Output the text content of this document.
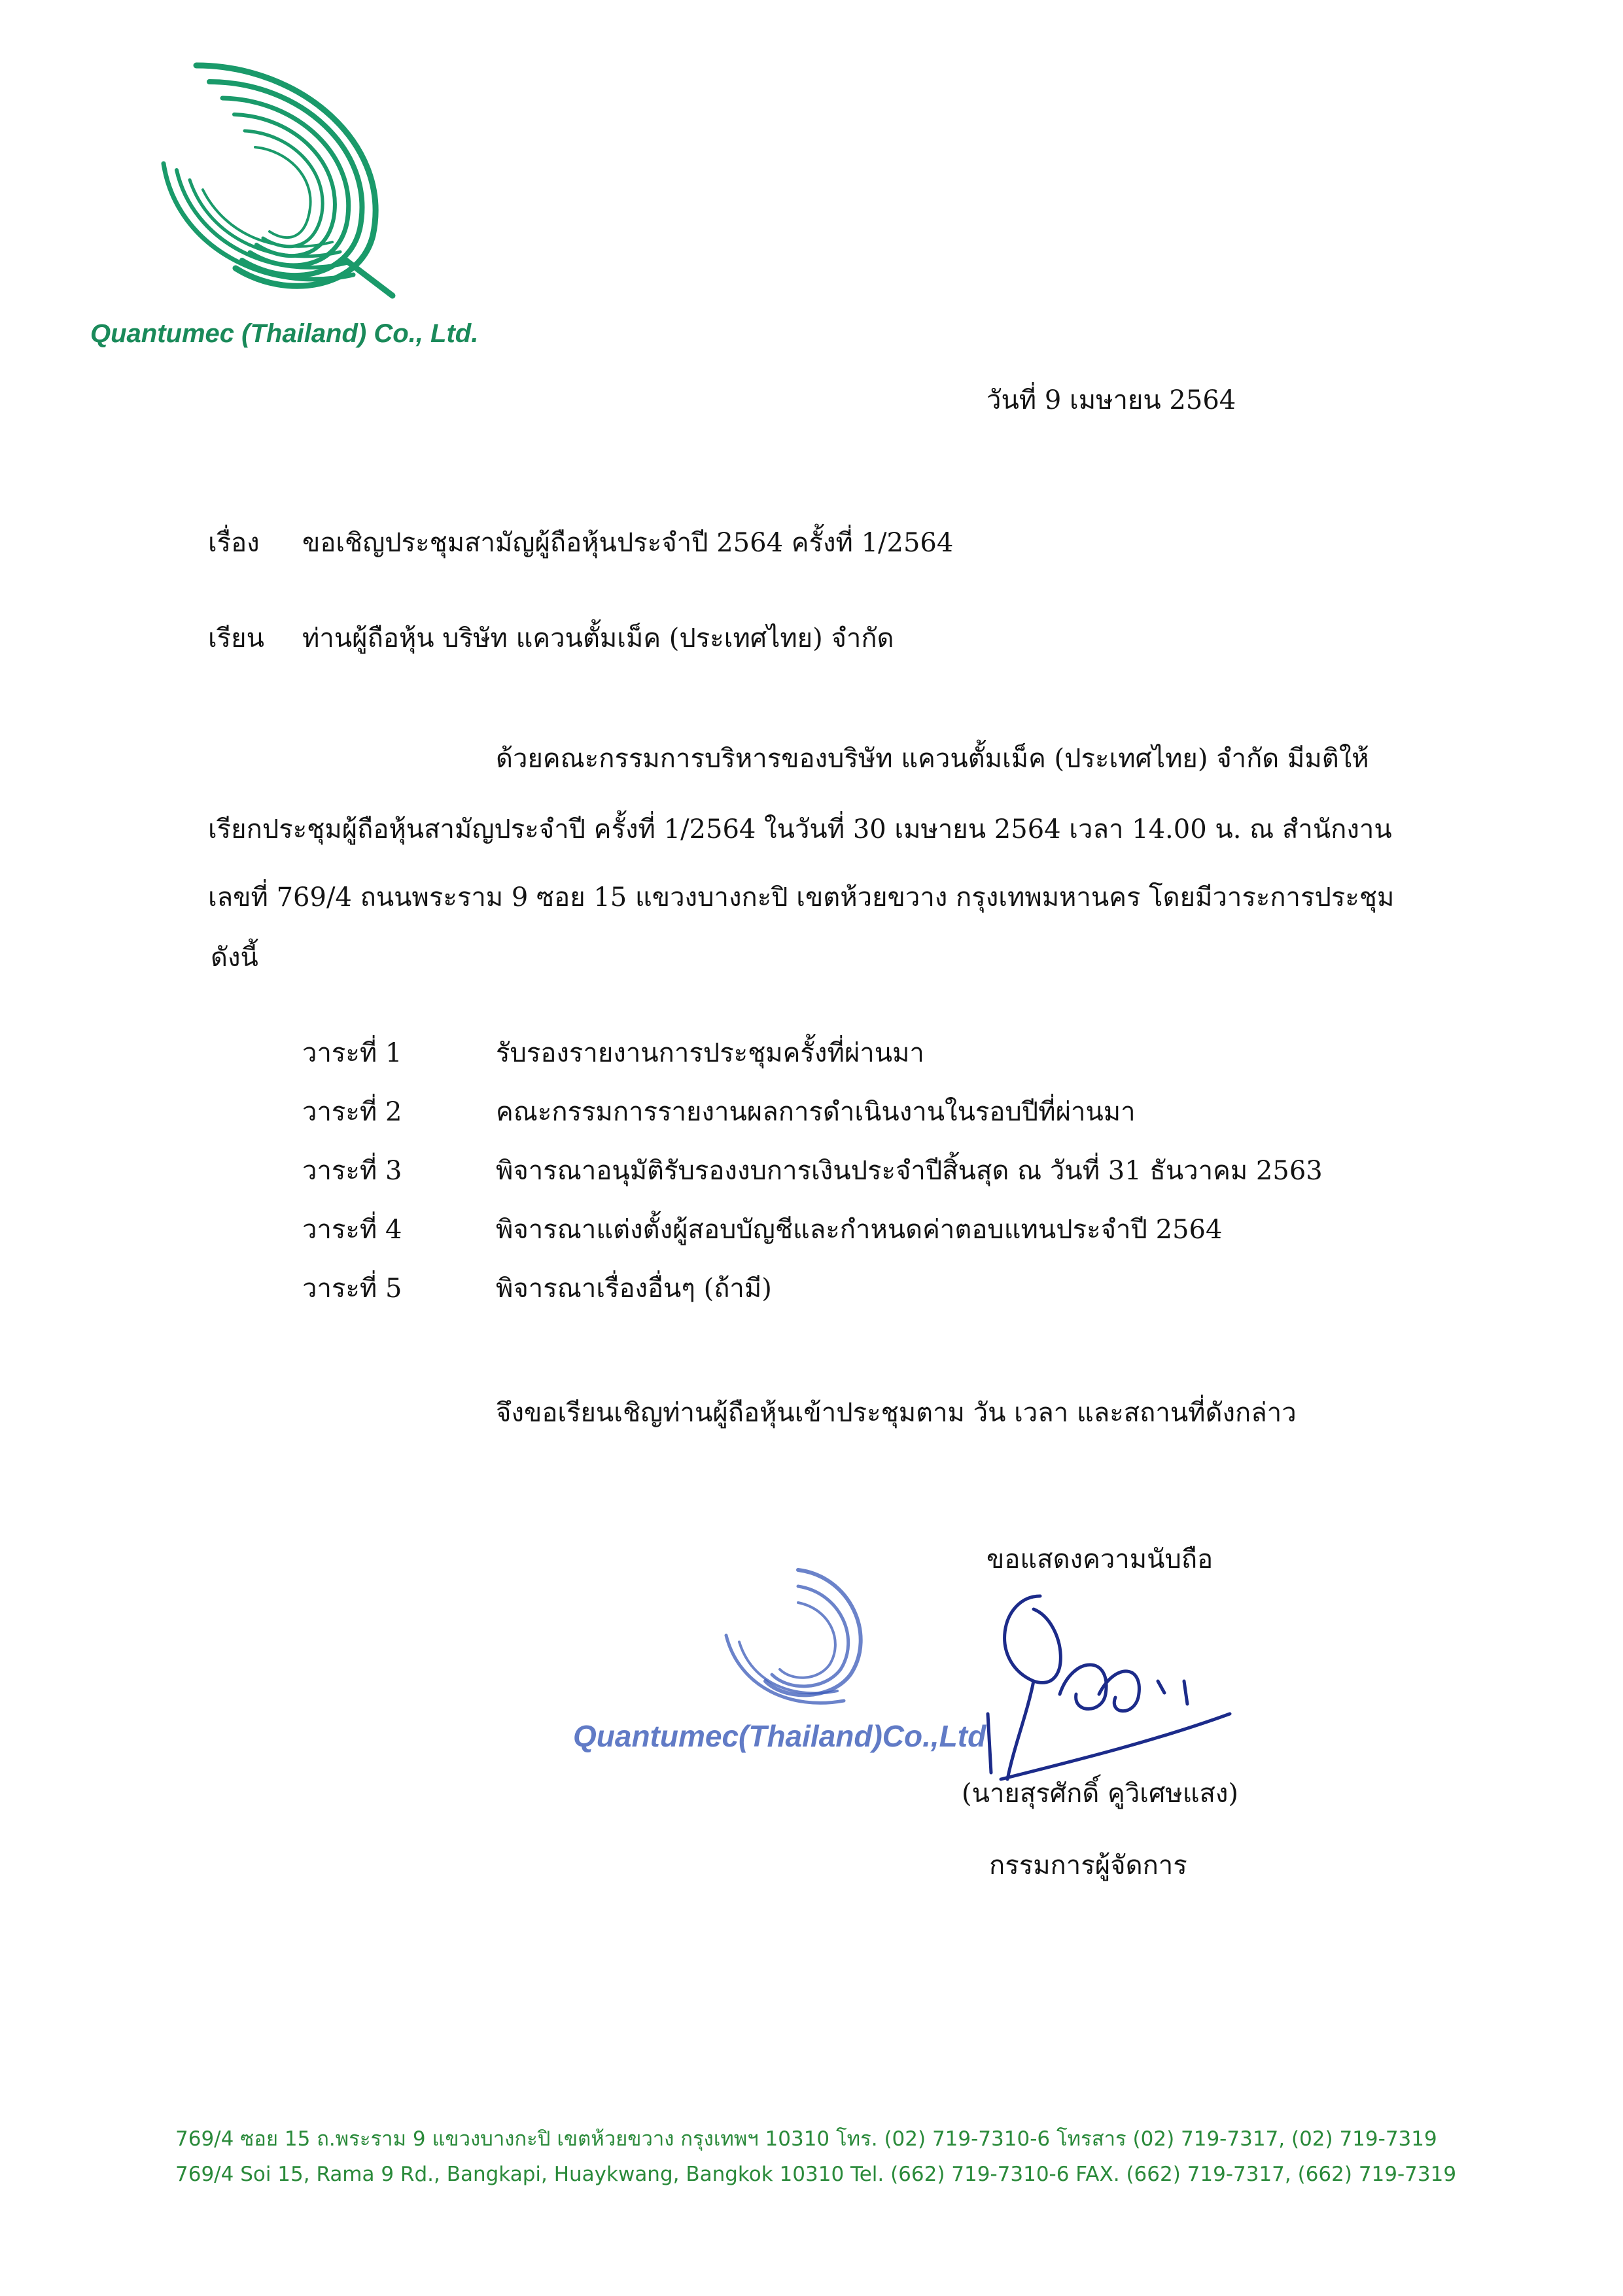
Quantumec (Thailand) Co., Ltd.
วันที่ 9 เมษายน 2564
เรื่อง ขอเชิญประชุมสามัญผู้ถือหุ้นประจำปี 2564 ครั้งที่ 1/2564
เรียน ท่านผู้ถือหุ้น บริษัท แควนตั้มเม็ค (ประเทศไทย) จำกัด
ด้วยคณะกรรมการบริหารของบริษัท แควนตั้มเม็ค (ประเทศไทย) จำกัด มีมติให้
เรียกประชุมผู้ถือหุ้นสามัญประจำปี ครั้งที่ 1/2564 ในวันที่ 30 เมษายน 2564 เวลา 14.00 น. ณ สำนักงาน
เลขที่ 769/4 ถนนพระราม 9 ซอย 15 แขวงบางกะปิ เขตห้วยขวาง กรุงเทพมหานคร โดยมีวาระการประชุม
ดังนี้
วาระที่ 1	รับรองรายงานการประชุมครั้งที่ผ่านมา
วาระที่ 2	คณะกรรมการรายงานผลการดำเนินงานในรอบปีที่ผ่านมา
วาระที่ 3	พิจารณาอนุมัติรับรองงบการเงินประจำปีสิ้นสุด ณ วันที่ 31 ธันวาคม 2563
วาระที่ 4	พิจารณาแต่งตั้งผู้สอบบัญชีและกำหนดค่าตอบแทนประจำปี 2564
วาระที่ 5	พิจารณาเรื่องอื่นๆ (ถ้ามี)
จึงขอเรียนเชิญท่านผู้ถือหุ้นเข้าประชุมตาม วัน เวลา และสถานที่ดังกล่าว
ขอแสดงความนับถือ
Quantumec(Thailand)Co.,Ltd
(นายสุรศักดิ์ คูวิเศษแสง)
กรรมการผู้จัดการ
769/4 ซอย 15 ถ.พระราม 9 แขวงบางกะปิ เขตห้วยขวาง กรุงเทพฯ 10310 โทร. (02) 719-7310-6 โทรสาร (02) 719-7317, (02) 719-7319
769/4 Soi 15, Rama 9 Rd., Bangkapi, Huaykwang, Bangkok 10310 Tel. (662) 719-7310-6 FAX. (662) 719-7317, (662) 719-7319
